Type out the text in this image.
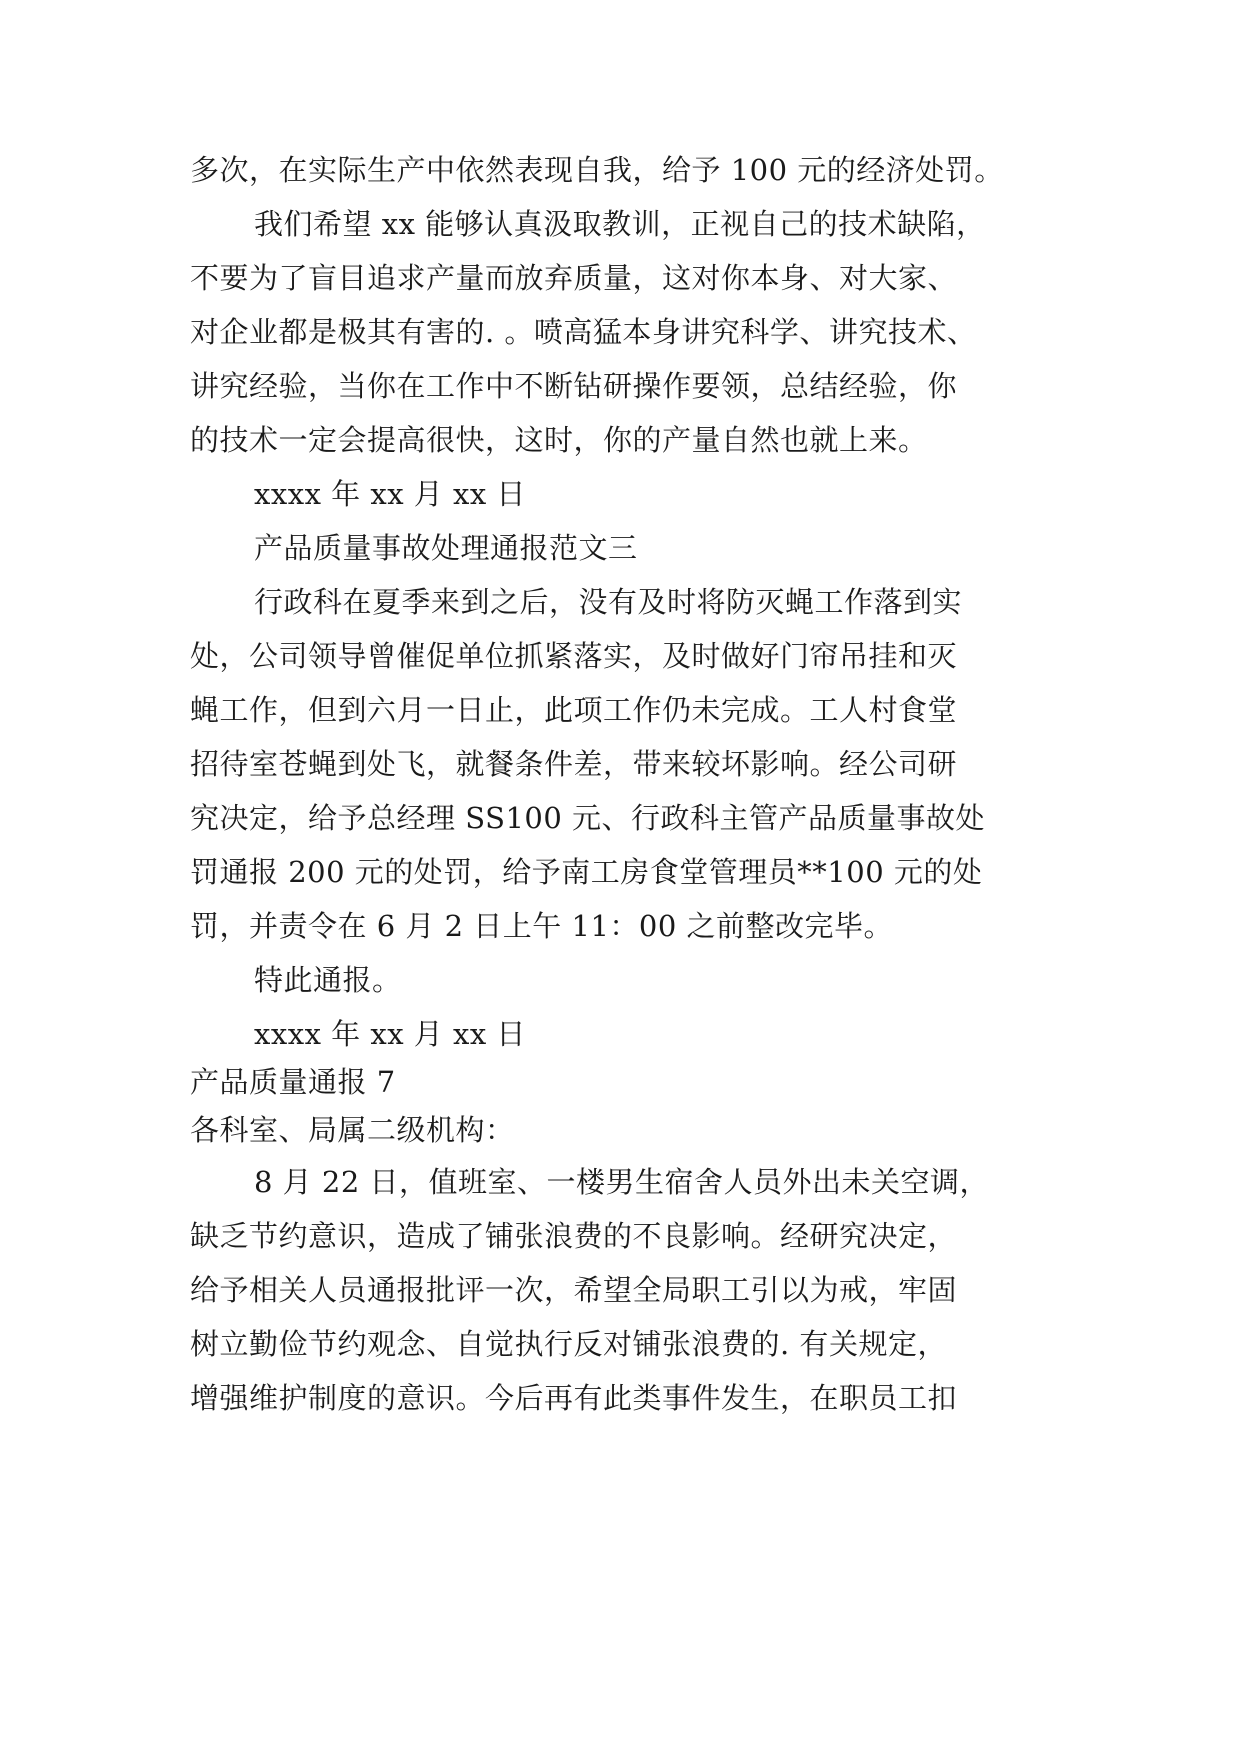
多次，在实际生产中依然表现自我，给予 100 元的经济处罚。
我们希望 xx 能够认真汲取教训，正视自己的技术缺陷，
不要为了盲目追求产量而放弃质量，这对你本身、对大家、
对企业都是极其有害的. 。喷高猛本身讲究科学、讲究技术、
讲究经验，当你在工作中不断钻研操作要领，总结经验，你
的技术一定会提高很快，这时，你的产量自然也就上来。
xxxx 年 xx 月 xx 日
产品质量事故处理通报范文三
行政科在夏季来到之后，没有及时将防灭蝇工作落到实
处，公司领导曾催促单位抓紧落实，及时做好门帘吊挂和灭
蝇工作，但到六月一日止，此项工作仍未完成。工人村食堂
招待室苍蝇到处飞，就餐条件差，带来较坏影响。经公司研
究决定，给予总经理 SS100 元、行政科主管产品质量事故处
罚通报 200 元的处罚，给予南工房食堂管理员**100 元的处
罚，并责令在 6 月 2 日上午 11：00 之前整改完毕。
特此通报。
xxxx 年 xx 月 xx 日
产品质量通报 7
各科室、局属二级机构：
8 月 22 日，值班室、一楼男生宿舍人员外出未关空调，
缺乏节约意识，造成了铺张浪费的不良影响。经研究决定，
给予相关人员通报批评一次，希望全局职工引以为戒，牢固
树立勤俭节约观念、自觉执行反对铺张浪费的. 有关规定，
增强维护制度的意识。今后再有此类事件发生，在职员工扣
